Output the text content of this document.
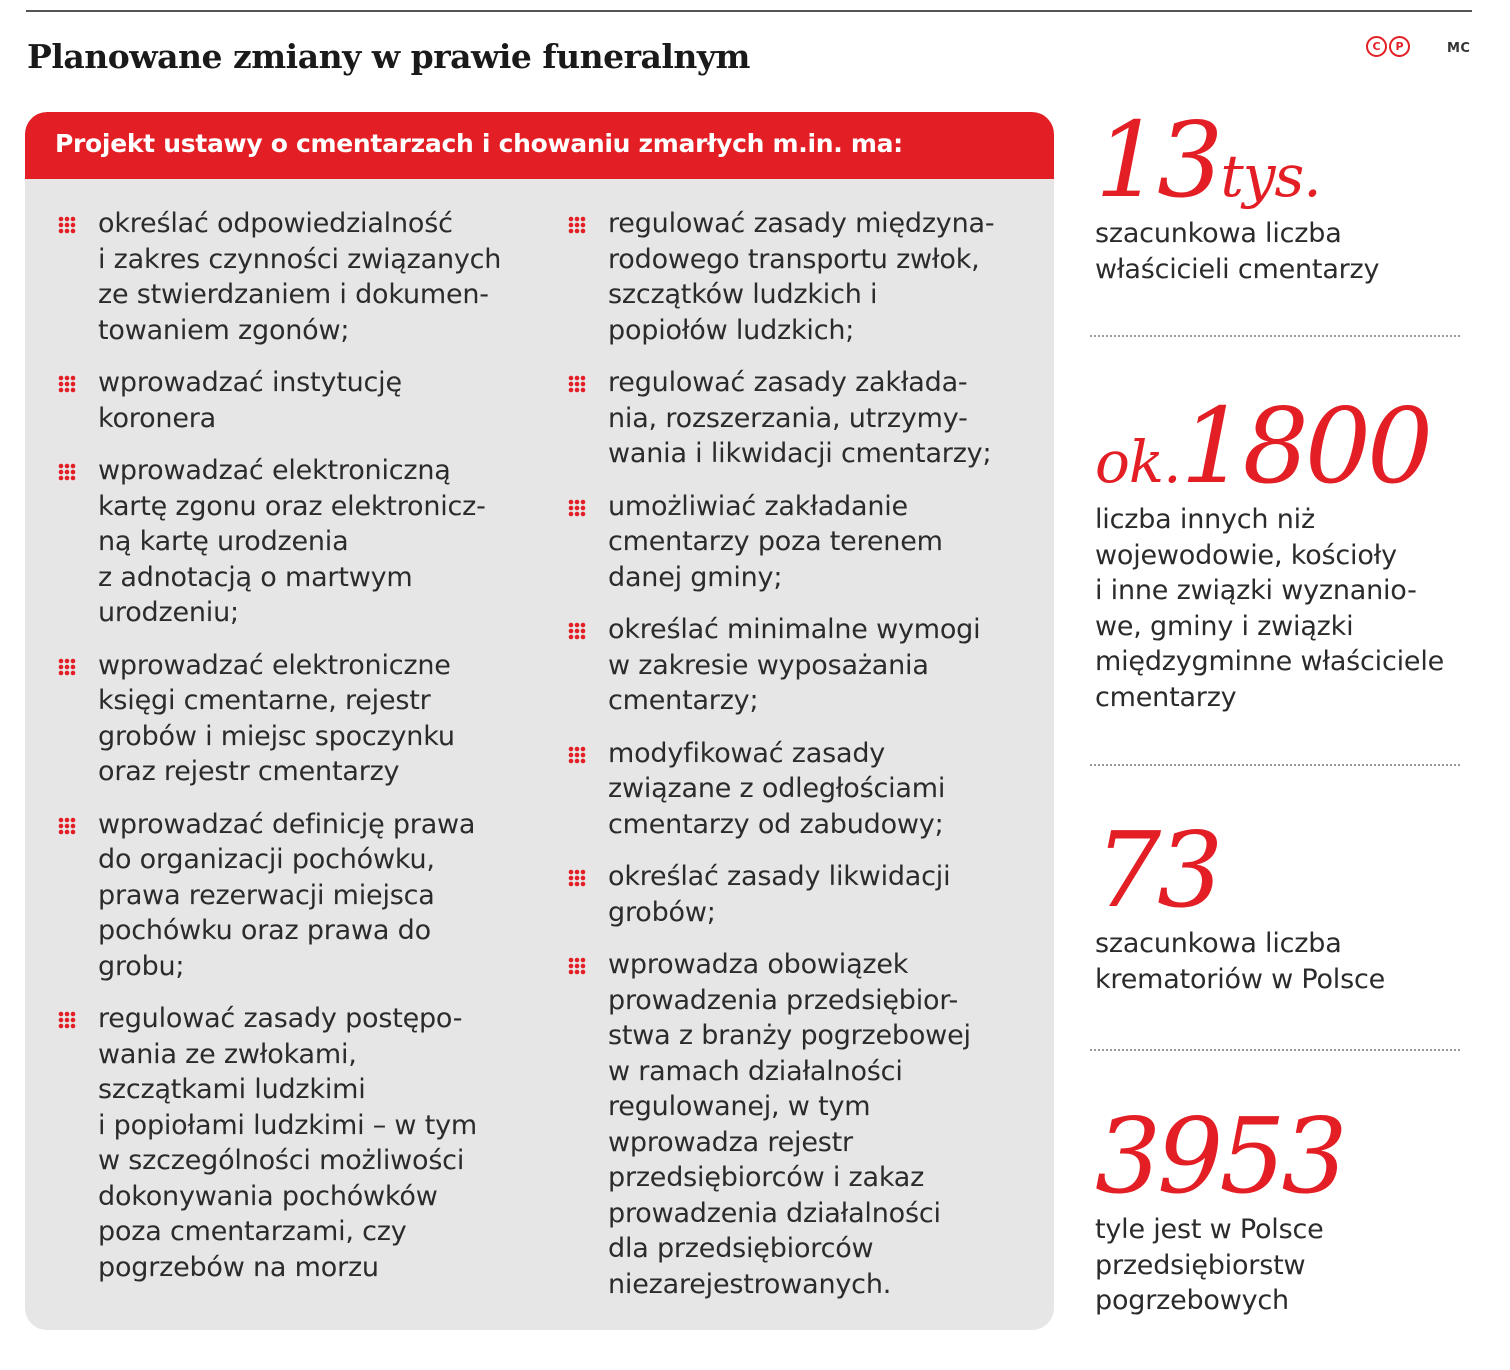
Planowane zmiany w prawie funeralnym	C	P	MC
Projekt ustawy o cmentarzach i chowaniu zmarłych m.in. ma:
określać odpowiedzialność
i zakres czynności związanych
ze stwierdzaniem i dokumen-
towaniem zgonów;
wprowadzać instytucję
koronera
wprowadzać elektroniczną
kartę zgonu oraz elektronicz-
ną kartę urodzenia
z adnotacją o martwym
urodzeniu;
wprowadzać elektroniczne
księgi cmentarne, rejestr
grobów i miejsc spoczynku
oraz rejestr cmentarzy
wprowadzać definicję prawa
do organizacji pochówku,
prawa rezerwacji miejsca
pochówku oraz prawa do
grobu;
regulować zasady postępo-
wania ze zwłokami,
szczątkami ludzkimi
i popiołami ludzkimi – w tym
w szczególności możliwości
dokonywania pochówków
poza cmentarzami, czy
pogrzebów na morzu
regulować zasady międzyna-
rodowego transportu zwłok,
szczątków ludzkich i
popiołów ludzkich;
regulować zasady zakłada-
nia, rozszerzania, utrzymy-
wania i likwidacji cmentarzy;
umożliwiać zakładanie
cmentarzy poza terenem
danej gminy;
określać minimalne wymogi
w zakresie wyposażania
cmentarzy;
modyfikować zasady
związane z odległościami
cmentarzy od zabudowy;
określać zasady likwidacji
grobów;
wprowadza obowiązek
prowadzenia przedsiębior-
stwa z branży pogrzebowej
w ramach działalności
regulowanej, w tym
wprowadza rejestr
przedsiębiorców i zakaz
prowadzenia działalności
dla przedsiębiorców
niezarejestrowanych.
13 tys.
szacunkowa liczba
właścicieli cmentarzy
ok.1800
liczba innych niż
wojewodowie, kościoły
i inne związki wyznanio-
we, gminy i związki
międzygminne właściciele
cmentarzy
73
szacunkowa liczba
krematoriów w Polsce
3953
tyle jest w Polsce
przedsiębiorstw
pogrzebowych
